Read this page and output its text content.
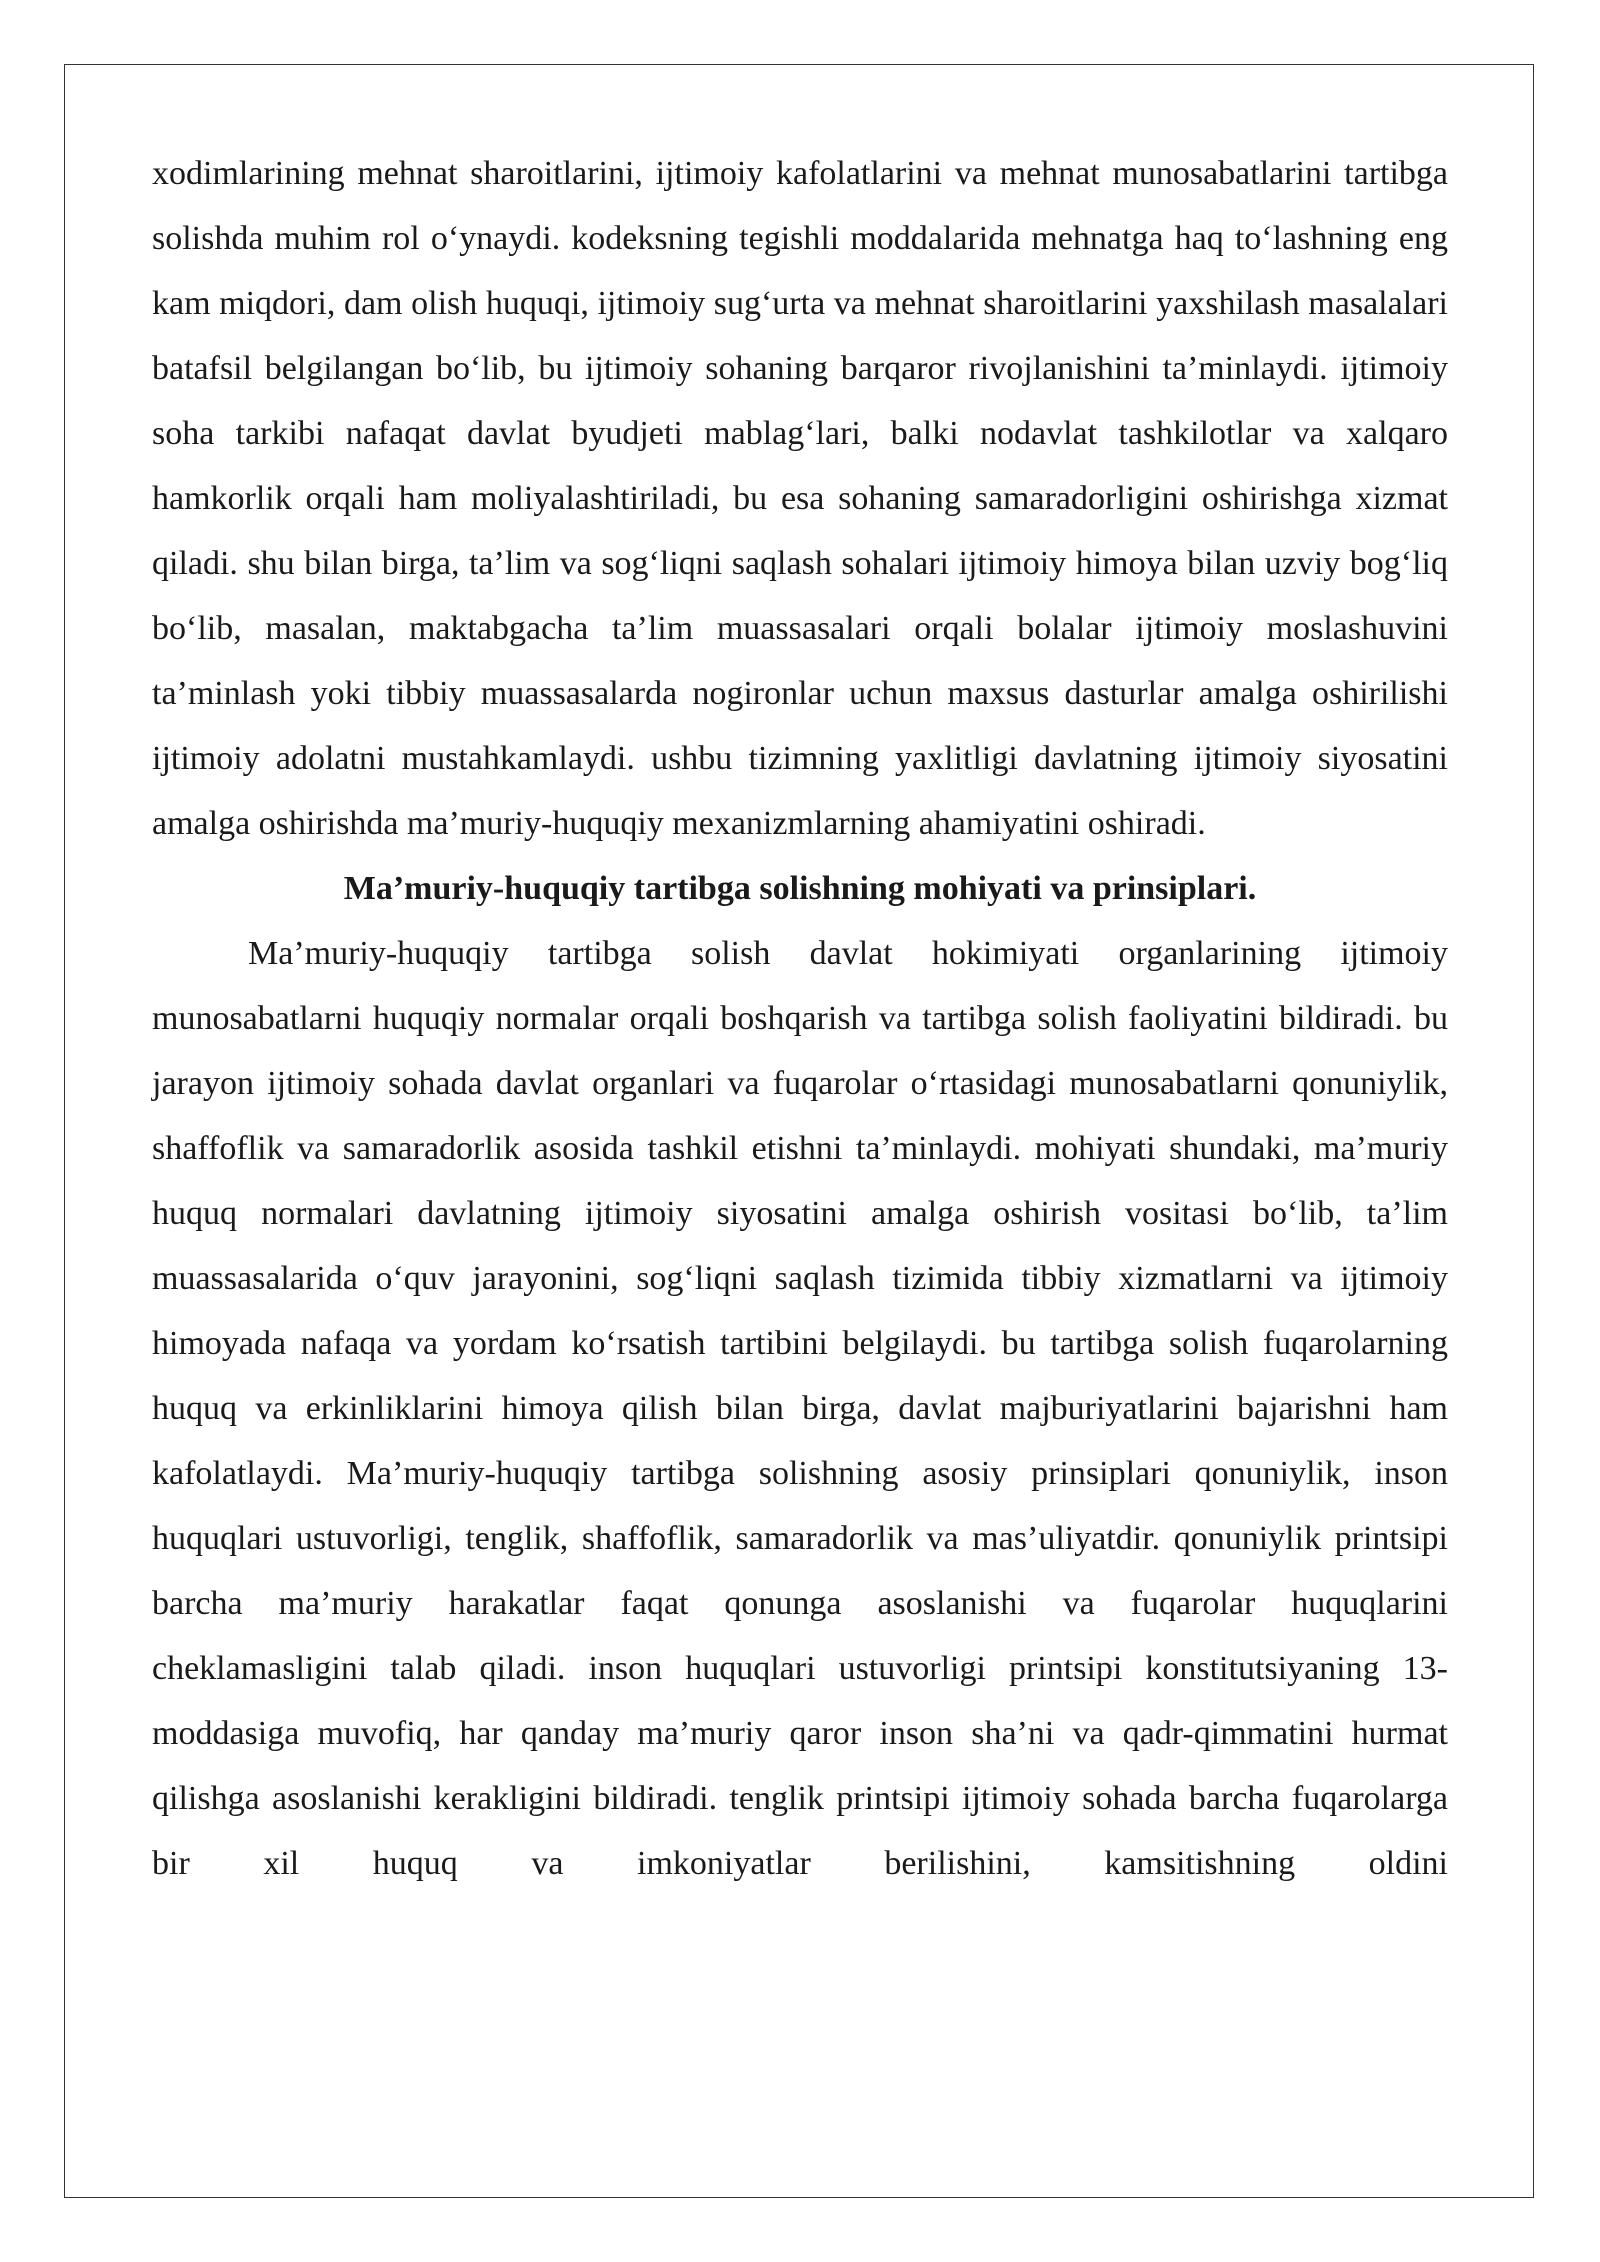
xodimlarining mehnat sharoitlarini, ijtimoiy kafolatlarini va mehnat munosabatlarini tartibga solishda muhim rol o‘ynaydi. kodeksning tegishli moddalarida mehnatga haq to‘lashning eng kam miqdori, dam olish huquqi, ijtimoiy sug‘urta va mehnat sharoitlarini yaxshilash masalalari batafsil belgilangan bo‘lib, bu ijtimoiy sohaning barqaror rivojlanishini ta’minlaydi. ijtimoiy soha tarkibi nafaqat davlat byudjeti mablag‘lari, balki nodavlat tashkilotlar va xalqaro hamkorlik orqali ham moliyalashtiriladi, bu esa sohaning samaradorligini oshirishga xizmat qiladi. shu bilan birga, ta’lim va sog‘liqni saqlash sohalari ijtimoiy himoya bilan uzviy bog‘liq bo‘lib, masalan, maktabgacha ta’lim muassasalari orqali bolalar ijtimoiy moslashuvini ta’minlash yoki tibbiy muassasalarda nogironlar uchun maxsus dasturlar amalga oshirilishi ijtimoiy adolatni mustahkamlaydi. ushbu tizimning yaxlitligi davlatning ijtimoiy siyosatini amalga oshirishda ma’muriy-huquqiy mexanizmlarning ahamiyatini oshiradi.

Ma’muriy-huquqiy tartibga solishning mohiyati va prinsiplari.

Ma’muriy-huquqiy tartibga solish davlat hokimiyati organlarining ijtimoiy munosabatlarni huquqiy normalar orqali boshqarish va tartibga solish faoliyatini bildiradi. bu jarayon ijtimoiy sohada davlat organlari va fuqarolar o‘rtasidagi munosabatlarni qonuniylik, shaffoflik va samaradorlik asosida tashkil etishni ta’minlaydi. mohiyati shundaki, ma’muriy huquq normalari davlatning ijtimoiy siyosatini amalga oshirish vositasi bo‘lib, ta’lim muassasalarida o‘quv jarayonini, sog‘liqni saqlash tizimida tibbiy xizmatlarni va ijtimoiy himoyada nafaqa va yordam ko‘rsatish tartibini belgilaydi. bu tartibga solish fuqarolarning huquq va erkinliklarini himoya qilish bilan birga, davlat majburiyatlarini bajarishni ham kafolatlaydi. Ma’muriy-huquqiy tartibga solishning asosiy prinsiplari qonuniylik, inson huquqlari ustuvorligi, tenglik, shaffoflik, samaradorlik va mas’uliyatdir. qonuniylik printsipi barcha ma’muriy harakatlar faqat qonunga asoslanishi va fuqarolar huquqlarini cheklamasligini talab qiladi. inson huquqlari ustuvorligi printsipi konstitutsiyaning 13-moddasiga muvofiq, har qanday ma’muriy qaror inson sha’ni va qadr-qimmatini hurmat qilishga asoslanishi kerakligini bildiradi. tenglik printsipi ijtimoiy sohada barcha fuqarolarga bir xil huquq va imkoniyatlar berilishini, kamsitishning oldini
